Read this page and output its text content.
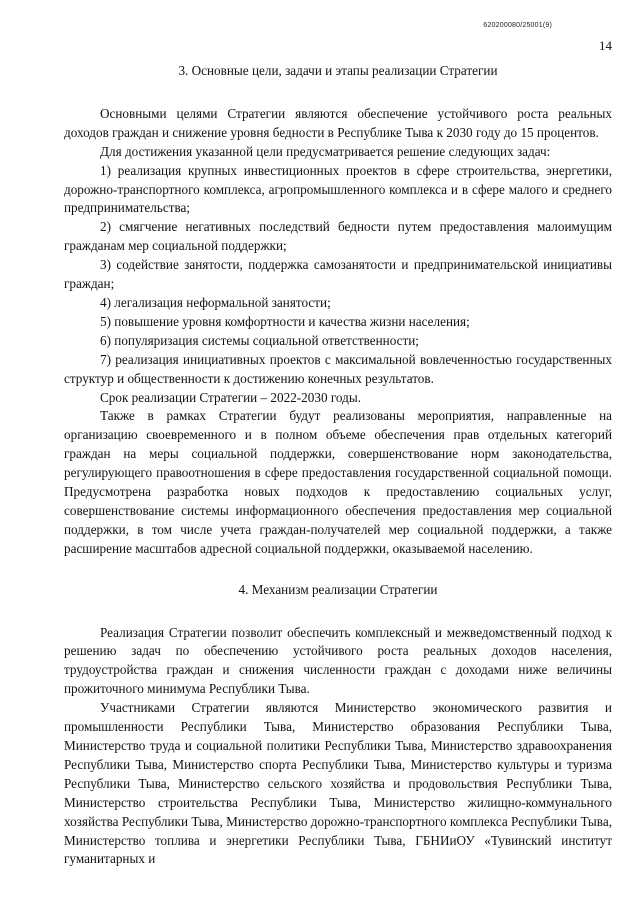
620200080/25001(9)
14
3. Основные цели, задачи и этапы реализации Стратегии

Основными целями Стратегии являются обеспечение устойчивого роста реальных доходов граждан и снижение уровня бедности в Республике Тыва к 2030 году до 15 процентов.

Для достижения указанной цели предусматривается решение следующих задач:

1) реализация крупных инвестиционных проектов в сфере строительства, энергетики, дорожно-транспортного комплекса, агропромышленного комплекса и в сфере малого и среднего предпринимательства;
2) смягчение негативных последствий бедности путем предоставления малоимущим гражданам мер социальной поддержки;
3) содействие занятости, поддержка самозанятости и предпринимательской инициативы граждан;
4) легализация неформальной занятости;
5) повышение уровня комфортности и качества жизни населения;
6) популяризация системы социальной ответственности;
7) реализация инициативных проектов с максимальной вовлеченностью государственных структур и общественности к достижению конечных результатов.

Срок реализации Стратегии – 2022-2030 годы.

Также в рамках Стратегии будут реализованы мероприятия, направленные на организацию своевременного и в полном объеме обеспечения прав отдельных категорий граждан на меры социальной поддержки, совершенствование норм законодательства, регулирующего правоотношения в сфере предоставления государственной социальной помощи. Предусмотрена разработка новых подходов к предоставлению социальных услуг, совершенствование системы информационного обеспечения предоставления мер социальной поддержки, в том числе учета граждан-получателей мер социальной поддержки, а также расширение масштабов адресной социальной поддержки, оказываемой населению.

4. Механизм реализации Стратегии

Реализация Стратегии позволит обеспечить комплексный и межведомственный подход к решению задач по обеспечению устойчивого роста реальных доходов населения, трудоустройства граждан и снижения численности граждан с доходами ниже величины прожиточного минимума Республики Тыва.

Участниками Стратегии являются Министерство экономического развития и промышленности Республики Тыва, Министерство образования Республики Тыва, Министерство труда и социальной политики Республики Тыва, Министерство здравоохранения Республики Тыва, Министерство спорта Республики Тыва, Министерство культуры и туризма Республики Тыва, Министерство сельского хозяйства и продовольствия Республики Тыва, Министерство строительства Республики Тыва, Министерство жилищно-коммунального хозяйства Республики Тыва, Министерство дорожно-транспортного комплекса Республики Тыва, Министерство топлива и энергетики Республики Тыва, ГБНИиОУ «Тувинский институт гуманитарных и
